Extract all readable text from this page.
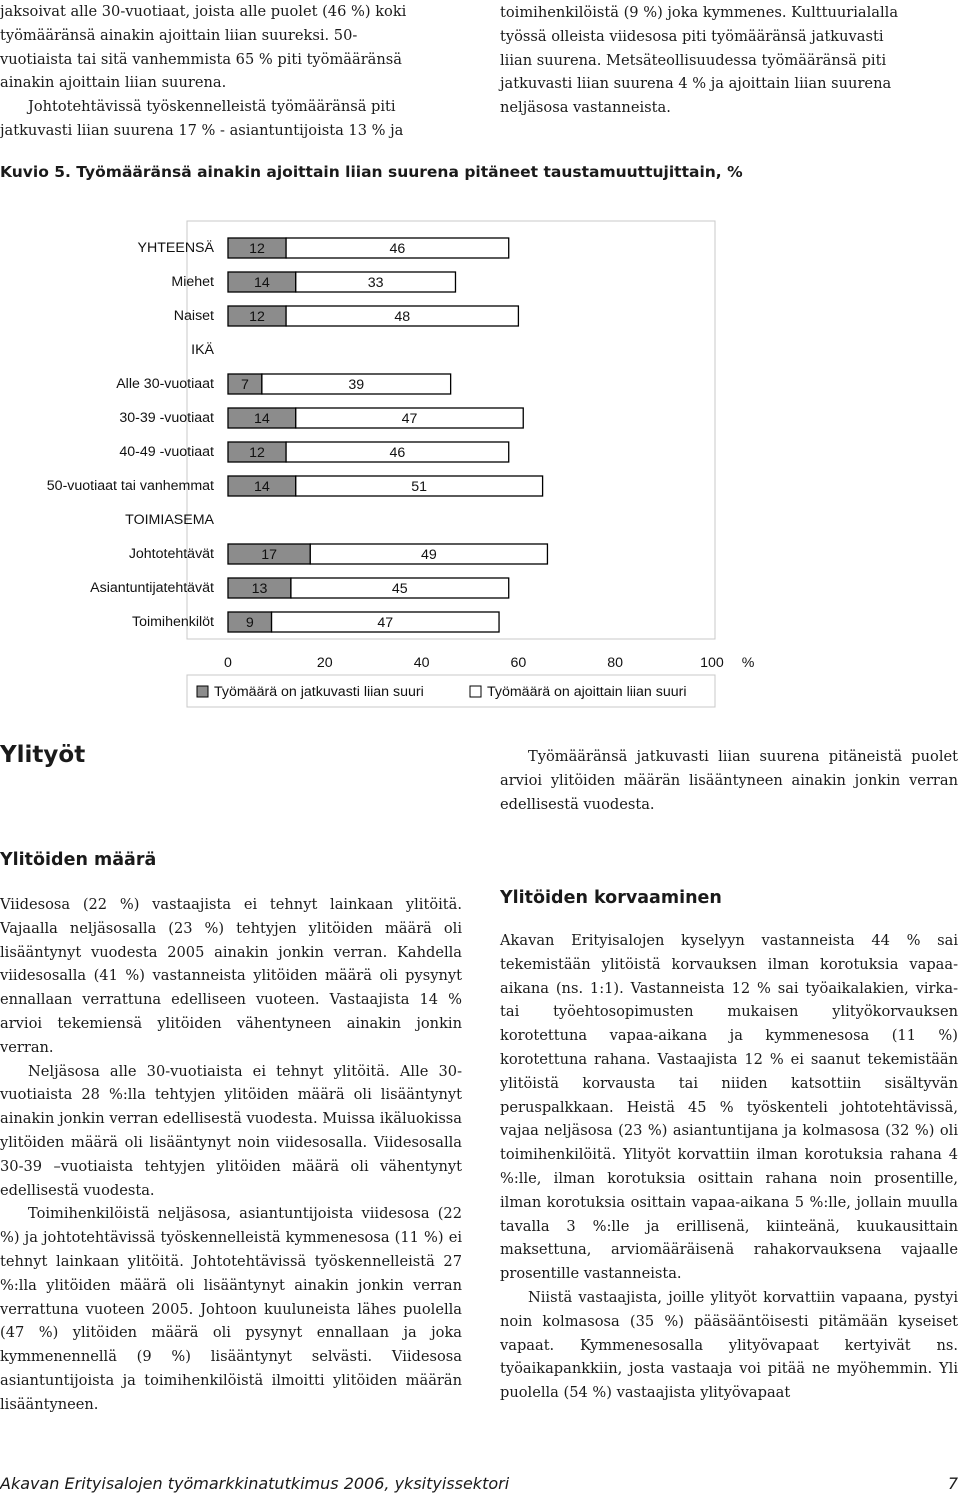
jaksoivat alle 30-vuotiaat, joista alle puolet (46 %) koki
työmääränsä ainakin ajoittain liian suureksi. 50-
vuotiaista tai sitä vanhemmista 65 % piti työmääränsä
ainakin ajoittain liian suurena.
Johtotehtävissä työskennelleistä työmääränsä piti
jatkuvasti liian suurena 17 % - asiantuntijoista 13 % ja
toimihenkilöistä (9 %) joka kymmenes. Kulttuurialalla
työssä olleista viidesosa piti työmääränsä jatkuvasti
liian suurena. Metsäteollisuudessa työmääränsä piti
jatkuvasti liian suurena 4 % ja ajoittain liian suurena
neljäsosa vastanneista.
Kuvio 5. Työmääränsä ainakin ajoittain liian suurena pitäneet taustamuuttujittain, %
YHTEENSÄ 12	46
Miehet	14	33
Naiset 12	48
IKÄ
Alle 30-vuotiaat 7	39
30-39 -vuotiaat	14	47
40-49 -vuotiaat 12	46
50-vuotiaat tai vanhemmat	14	51
TOIMIASEMA
Johtotehtävät	17	49
Asiantuntijatehtävät	13	45
Toimihenkilöt 9	47
0	20	40	60	80	100 %
Työmäärä on jatkuvasti liian suuri	Työmäärä on ajoittain liian suuri
Ylityöt	Työmääränsä jatkuvasti liian suurena pitäneistä puolet arvioi ylitöiden määrän lisääntyneen ainakin jonkin verran edellisestä vuodesta.
Ylitöiden määrä

Viidesosa (22 %) vastaajista ei tehnyt lainkaan ylitöitä. Vajaalla neljäsosalla (23 %) tehtyjen ylitöiden määrä oli lisääntynyt vuodesta 2005 ainakin jonkin verran. Kahdella viidesosalla (41 %) vastanneista ylitöiden määrä oli pysynyt ennallaan verrattuna edelliseen vuoteen. Vastaajista 14 % arvioi tekemiensä ylitöiden vähentyneen ainakin jonkin verran.

Neljäsosa alle 30-vuotiaista ei tehnyt ylitöitä. Alle 30-vuotiaista 28 %:lla tehtyjen ylitöiden määrä oli lisääntynyt ainakin jonkin verran edellisestä vuodesta. Muissa ikäluokissa ylitöiden määrä oli lisääntynyt noin viidesosalla. Viidesosalla 30-39 –vuotiaista tehtyjen ylitöiden määrä oli vähentynyt edellisestä vuodesta.

Toimihenkilöistä neljäsosa, asiantuntijoista viidesosa (22 %) ja johtotehtävissä työskennelleistä kymmenesosa (11 %) ei tehnyt lainkaan ylitöitä. Johtotehtävissä työskennelleistä 27 %:lla ylitöiden määrä oli lisääntynyt ainakin jonkin verran verrattuna vuoteen 2005. Johtoon kuuluneista lähes puolella (47 %) ylitöiden määrä oli pysynyt ennallaan ja joka kymmenennellä (9 %) lisääntynyt selvästi. Viidesosa asiantuntijoista ja toimihenkilöistä ilmoitti ylitöiden määrän lisääntyneen.

Ylitöiden korvaaminen

Akavan Erityisalojen kyselyyn vastanneista 44 % sai tekemistään ylitöistä korvauksen ilman korotuksia vapaa-aikana (ns. 1:1). Vastanneista 12 % sai työaikalakien, virka- tai työehtosopimusten mukaisen ylityökorvauksen korotettuna vapaa-aikana ja kymmenesosa (11 %) korotettuna rahana. Vastaajista 12 % ei saanut tekemistään ylitöistä korvausta tai niiden katsottiin sisältyvän peruspalkkaan. Heistä 45 % työskenteli johtotehtävissä, vajaa neljäsosa (23 %) asiantuntijana ja kolmasosa (32 %) oli toimihenkilöitä. Ylityöt korvattiin ilman korotuksia rahana 4 %:lle, ilman korotuksia osittain rahana noin prosentille, ilman korotuksia osittain vapaa-aikana 5 %:lle, jollain muulla tavalla 3 %:lle ja erillisenä, kiinteänä, kuukausittain maksettuna, arviomääräisenä rahakorvauksena vajaalle prosentille vastanneista.

Niistä vastaajista, joille ylityöt korvattiin vapaana, pystyi noin kolmasosa (35 %) pääsääntöisesti pitämään kyseiset vapaat. Kymmenesosalla ylityövapaat kertyivät ns. työaikapankkiin, josta vastaaja voi pitää ne myöhemmin. Yli puolella (54 %) vastaajista ylityövapaat

Akavan Erityisalojen työmarkkinatutkimus 2006, yksityissektori	7
